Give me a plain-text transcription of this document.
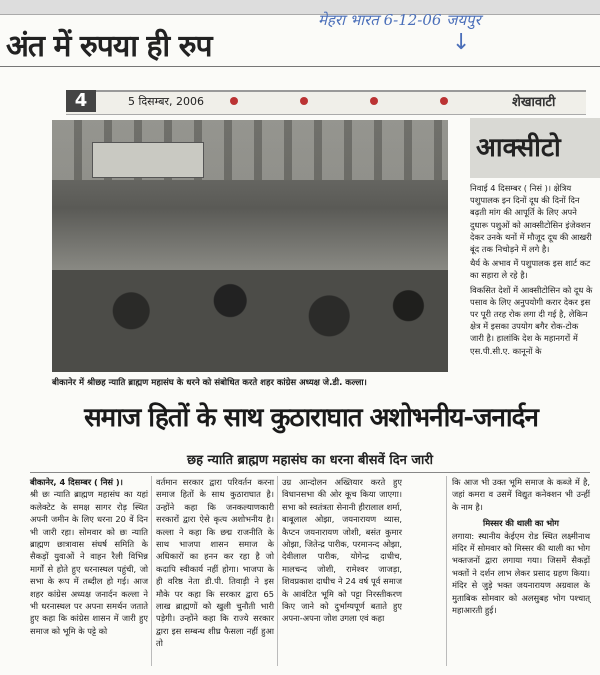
अंत में रुपया ही रुप
मेहरा भारत 6-12-06 जयपुर
↓
4	5 दिसम्बर, 2006	शेखावाटी
बीकानेर में श्रीछह न्याति ब्राह्मण महासंघ के धरने को संबोधित करते शहर कांग्रेस अध्यक्ष जे.डी. कल्ला।
आक्सीटो

निवाई 4 दिसम्बर ( निसं )। क्षेत्रिय पशुपालक इन दिनों दूध की दिनों दिन बढ़ती मांग की आपूर्ति के लिए अपने दुधारू पशुओं को आक्सीटोसिन इंजेक्शन देकर उनके थनों में मौजूद दूध की आखरी बूंद तक निचोड़ने में लगे है।

थैर्य के अभाव में पशुपालक इस शार्ट कट का सहारा ले रहे है।

विकसित देशों में आक्सीटोसिन को दूध के पसाव के लिए अनुपयोगी करार देकर इस पर पूरी तरह रोक लगा दी गई है, लेकिन क्षेत्र में इसका उपयोग बगैर रोक-टोक जारी है। हालांकि देश के महानगरों में एस.पी.सी.ए. कानूनों के

समाज हितों के साथ कुठाराघात अशोभनीय-जनार्दन
छह न्याति ब्राह्मण महासंघ का धरना बीसवें दिन जारी
बीकानेर, 4 दिसम्बर ( निसं )।
श्री छः न्याति ब्राह्मण महासंघ का यहां कलेक्टेट के समक्ष सागर रोड़ स्थित अपनी जमीन के लिए धरना 20 वें दिन भी जारी रहा। सोमवार को छः न्याति ब्राह्मण छात्रावास संघर्ष समिति के सैकड़ों युवाओं ने वाहन रैली विभिन्न मार्गों से होते हुए धरनास्थल पहुंची, जो सभा के रूप में तब्दील हो गई। आज शहर कांग्रेस अध्यक्ष जनार्दन कल्ला ने भी धरनास्थल पर अपना समर्थन जताते हुए कहा कि कांग्रेस शासन में जारी हुए समाज को भूमि के पट्टे को
वर्तमान सरकार द्वारा परिवर्तन करना समाज हितों के साथ कुठाराघात है। उन्होंने कहा कि जनकल्याणकारी सरकारों द्वारा ऐसे कृत्य अशोभनीय है। कल्ला ने कहा कि छद्म राजनीति के साथ भाजपा शासन समाज के अधिकारों का हनन कर रहा है जो कदापि स्वीकार्य नहीं होगा। भाजपा के ही वरिष्ठ नेता डी.पी. तिवाड़ी ने इस मौके पर कहा कि सरकार द्वारा 65 लाख ब्राह्मणों को खुली चुनौती भारी पड़ेगी। उन्होंने कहा कि राज्ये सरकार द्वारा इस सम्बन्ध शीघ्र फैसला नहीं हुआ तो
उग्र आन्दोलन अख्तियार करते हुए विधानसभा की ओर कूच किया जाएगा। सभा को स्वतंत्रता सेनानी हीरालाल शर्मा, बाबूलाल ओझा, जयनारायण व्यास, कैप्टन जयनारायण जोशी, बसंत कुमार ओझा, जितेन्द्र पारीक, परमानन्द ओझा, देवीलाल पारीक, योगेन्द्र दाधीच, मालचन्द जोशी, रामेश्वर जाजड़ा, शिवप्रकाश दाधीच ने 24 वर्ष पूर्व समाज के आवंटित भूमि को पट्टा निरस्तीकरण किए जाने को दुर्भाग्यपूर्ण बताते हुए अपना-अपना जोश उगला एवं कहा
कि आज भी उक्त भूमि समाज के कब्जे में है, जहां कमरा व उसमें विद्युत कनेक्शन भी उन्हीं के नाम है।
मिस्सर की थाली का भोग
लगाया: स्थानीय केईएम रोड स्थित लक्ष्मीनाथ मंदिर में सोमवार को मिस्सर की थाली का भोग भक्तजनों द्वारा लगाया गया। जिसमें सैकड़ों भक्तों ने दर्शन लाभ लेकर प्रसाद ग्रहण किया। मंदिर से जुड़े भक्त जयनारायण अग्रवाल के मुताबिक सोमवार को अलसुबह भोग पश्चात् महाआरती हुई।
